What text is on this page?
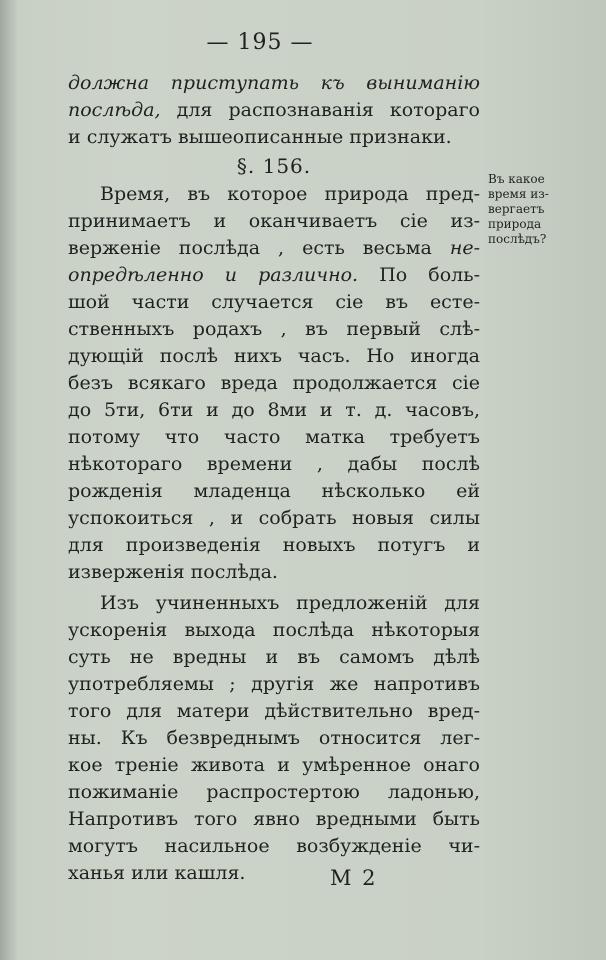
— 195 —
должна приступать къ выниманію
послѣда, для распознаванія котораго
и служатъ вышеописанные признаки.
§. 156.
Время, въ которое природа пред-
принимаетъ и оканчиваетъ сіе из-
верженіе послѣда , есть весьма не-
опредѣленно и различно. По боль-
шой части случается сіе въ есте-
ственныхъ родахъ , въ первый слѣ-
дующій послѣ нихъ часъ. Но иногда
безъ всякаго вреда продолжается сіе
до 5ти, 6ти и до 8ми и т. д. часовъ,
потому что часто матка требуетъ
нѣкотораго времени , дабы послѣ
рожденія младенца нѣсколько ей
успокоиться , и собрать новыя силы
для произведенія новыхъ потугъ и
изверженія послѣда.
Изъ учиненныхъ предложеній для
ускоренія выхода послѣда нѣкоторыя
суть не вредны и въ самомъ дѣлѣ
употребляемы ; другія же напротивъ
того для матери дѣйствительно вред-
ны. Къ безвреднымъ относится лег-
кое треніе живота и умѣренное онаго
пожиманіе распростертою ладонью,
Напротивъ того явно вредными быть
могутъ насильное возбужденіе чи-
ханья или кашля.
Въ какое
время из-
вергаетъ
природа
послѣдъ?
M 2
